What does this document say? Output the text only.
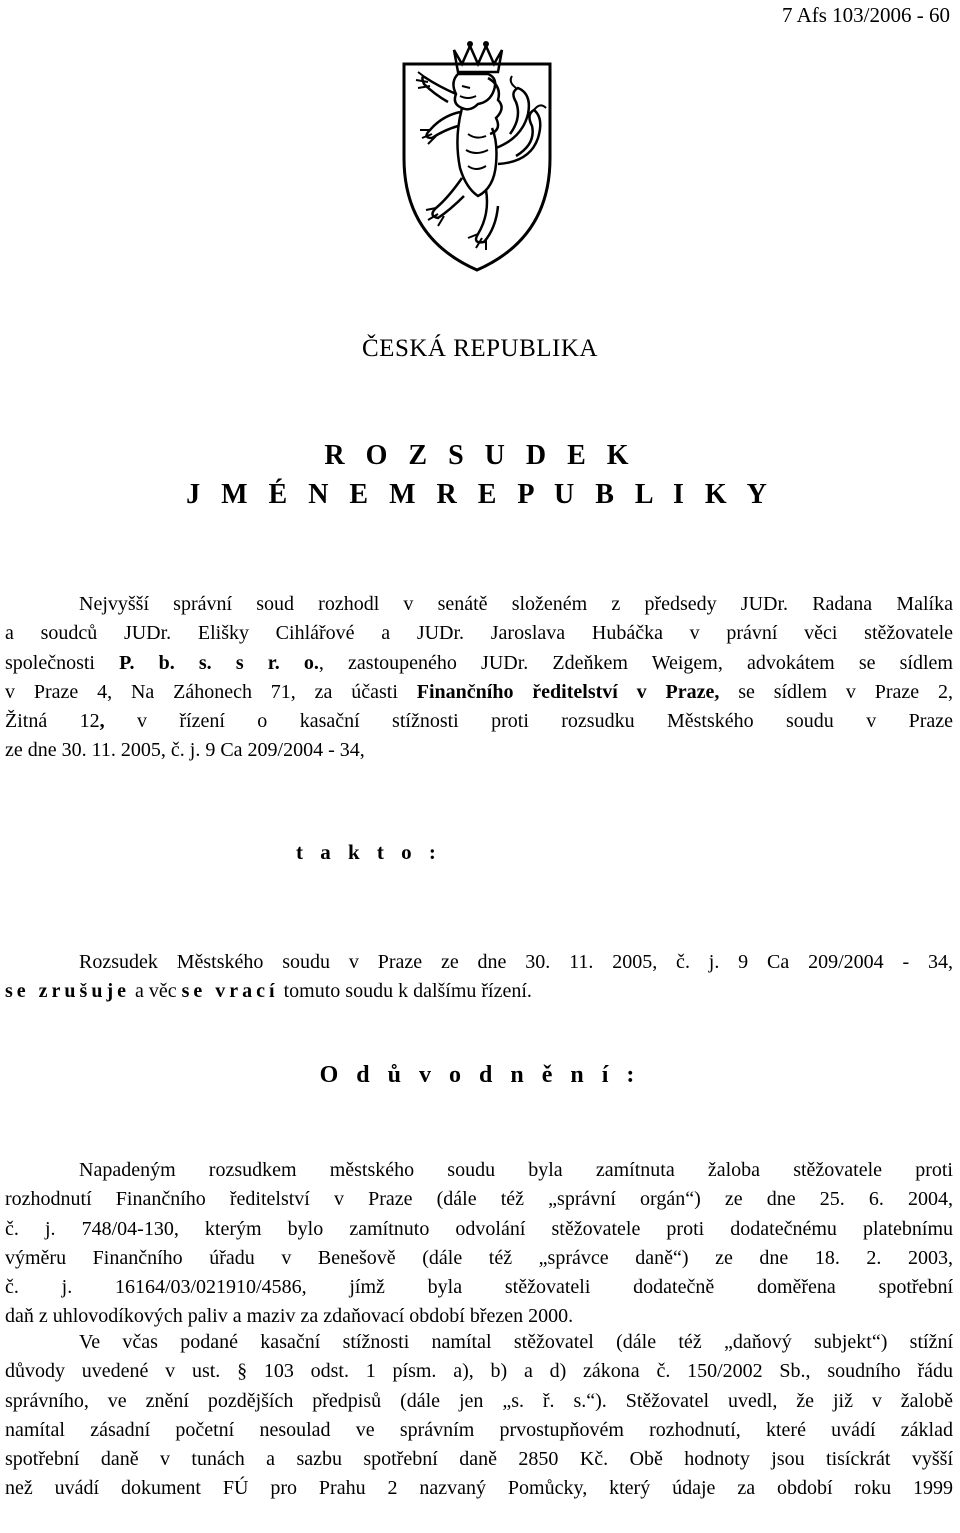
7 Afs 103/2006 - 60
ČESKÁ REPUBLIKA
R O Z S U D E K
J M É N E M R E P U B L I K Y
Nejvyšší správní soud rozhodl v senátě složeném z předsedy JUDr. Radana Malíka
a soudců JUDr. Elišky Cihlářové a JUDr. Jaroslava Hubáčka v právní věci stěžovatele
společnosti P. b. s. s r. o., zastoupeného JUDr. Zdeňkem Weigem, advokátem se sídlem
v Praze 4, Na Záhonech 71, za účasti Finančního ředitelství v Praze, se sídlem v Praze 2,
Žitná 12, v řízení o kasační stížnosti proti rozsudku Městského soudu v Praze
ze dne 30. 11. 2005, č. j. 9 Ca 209/2004 - 34,
t a k t o :
Rozsudek Městského soudu v Praze ze dne 30. 11. 2005, č. j. 9 Ca 209/2004 - 34,
se zrušuje a věc se vrací tomuto soudu k dalšímu řízení.
O d ů v o d n ě n í :
Napadeným rozsudkem městského soudu byla zamítnuta žaloba stěžovatele proti
rozhodnutí Finančního ředitelství v Praze (dále též „správní orgán“) ze dne 25. 6. 2004,
č. j. 748/04-130, kterým bylo zamítnuto odvolání stěžovatele proti dodatečnému platebnímu
výměru Finančního úřadu v Benešově (dále též „správce daně“) ze dne 18. 2. 2003,
č. j. 16164/03/021910/4586, jímž byla stěžovateli dodatečně doměřena spotřební
daň z uhlovodíkových paliv a maziv za zdaňovací období březen 2000.
Ve včas podané kasační stížnosti namítal stěžovatel (dále též „daňový subjekt“) stížní
důvody uvedené v ust. § 103 odst. 1 písm. a), b) a d) zákona č. 150/2002 Sb., soudního řádu
správního, ve znění pozdějších předpisů (dále jen „s. ř. s.“). Stěžovatel uvedl, že již v žalobě
namítal zásadní početní nesoulad ve správním prvostupňovém rozhodnutí, které uvádí základ
spotřební daně v tunách a sazbu spotřební daně 2850 Kč. Obě hodnoty jsou tisíckrát vyšší
než uvádí dokument FÚ pro Prahu 2 nazvaný Pomůcky, který údaje za období roku 1999
